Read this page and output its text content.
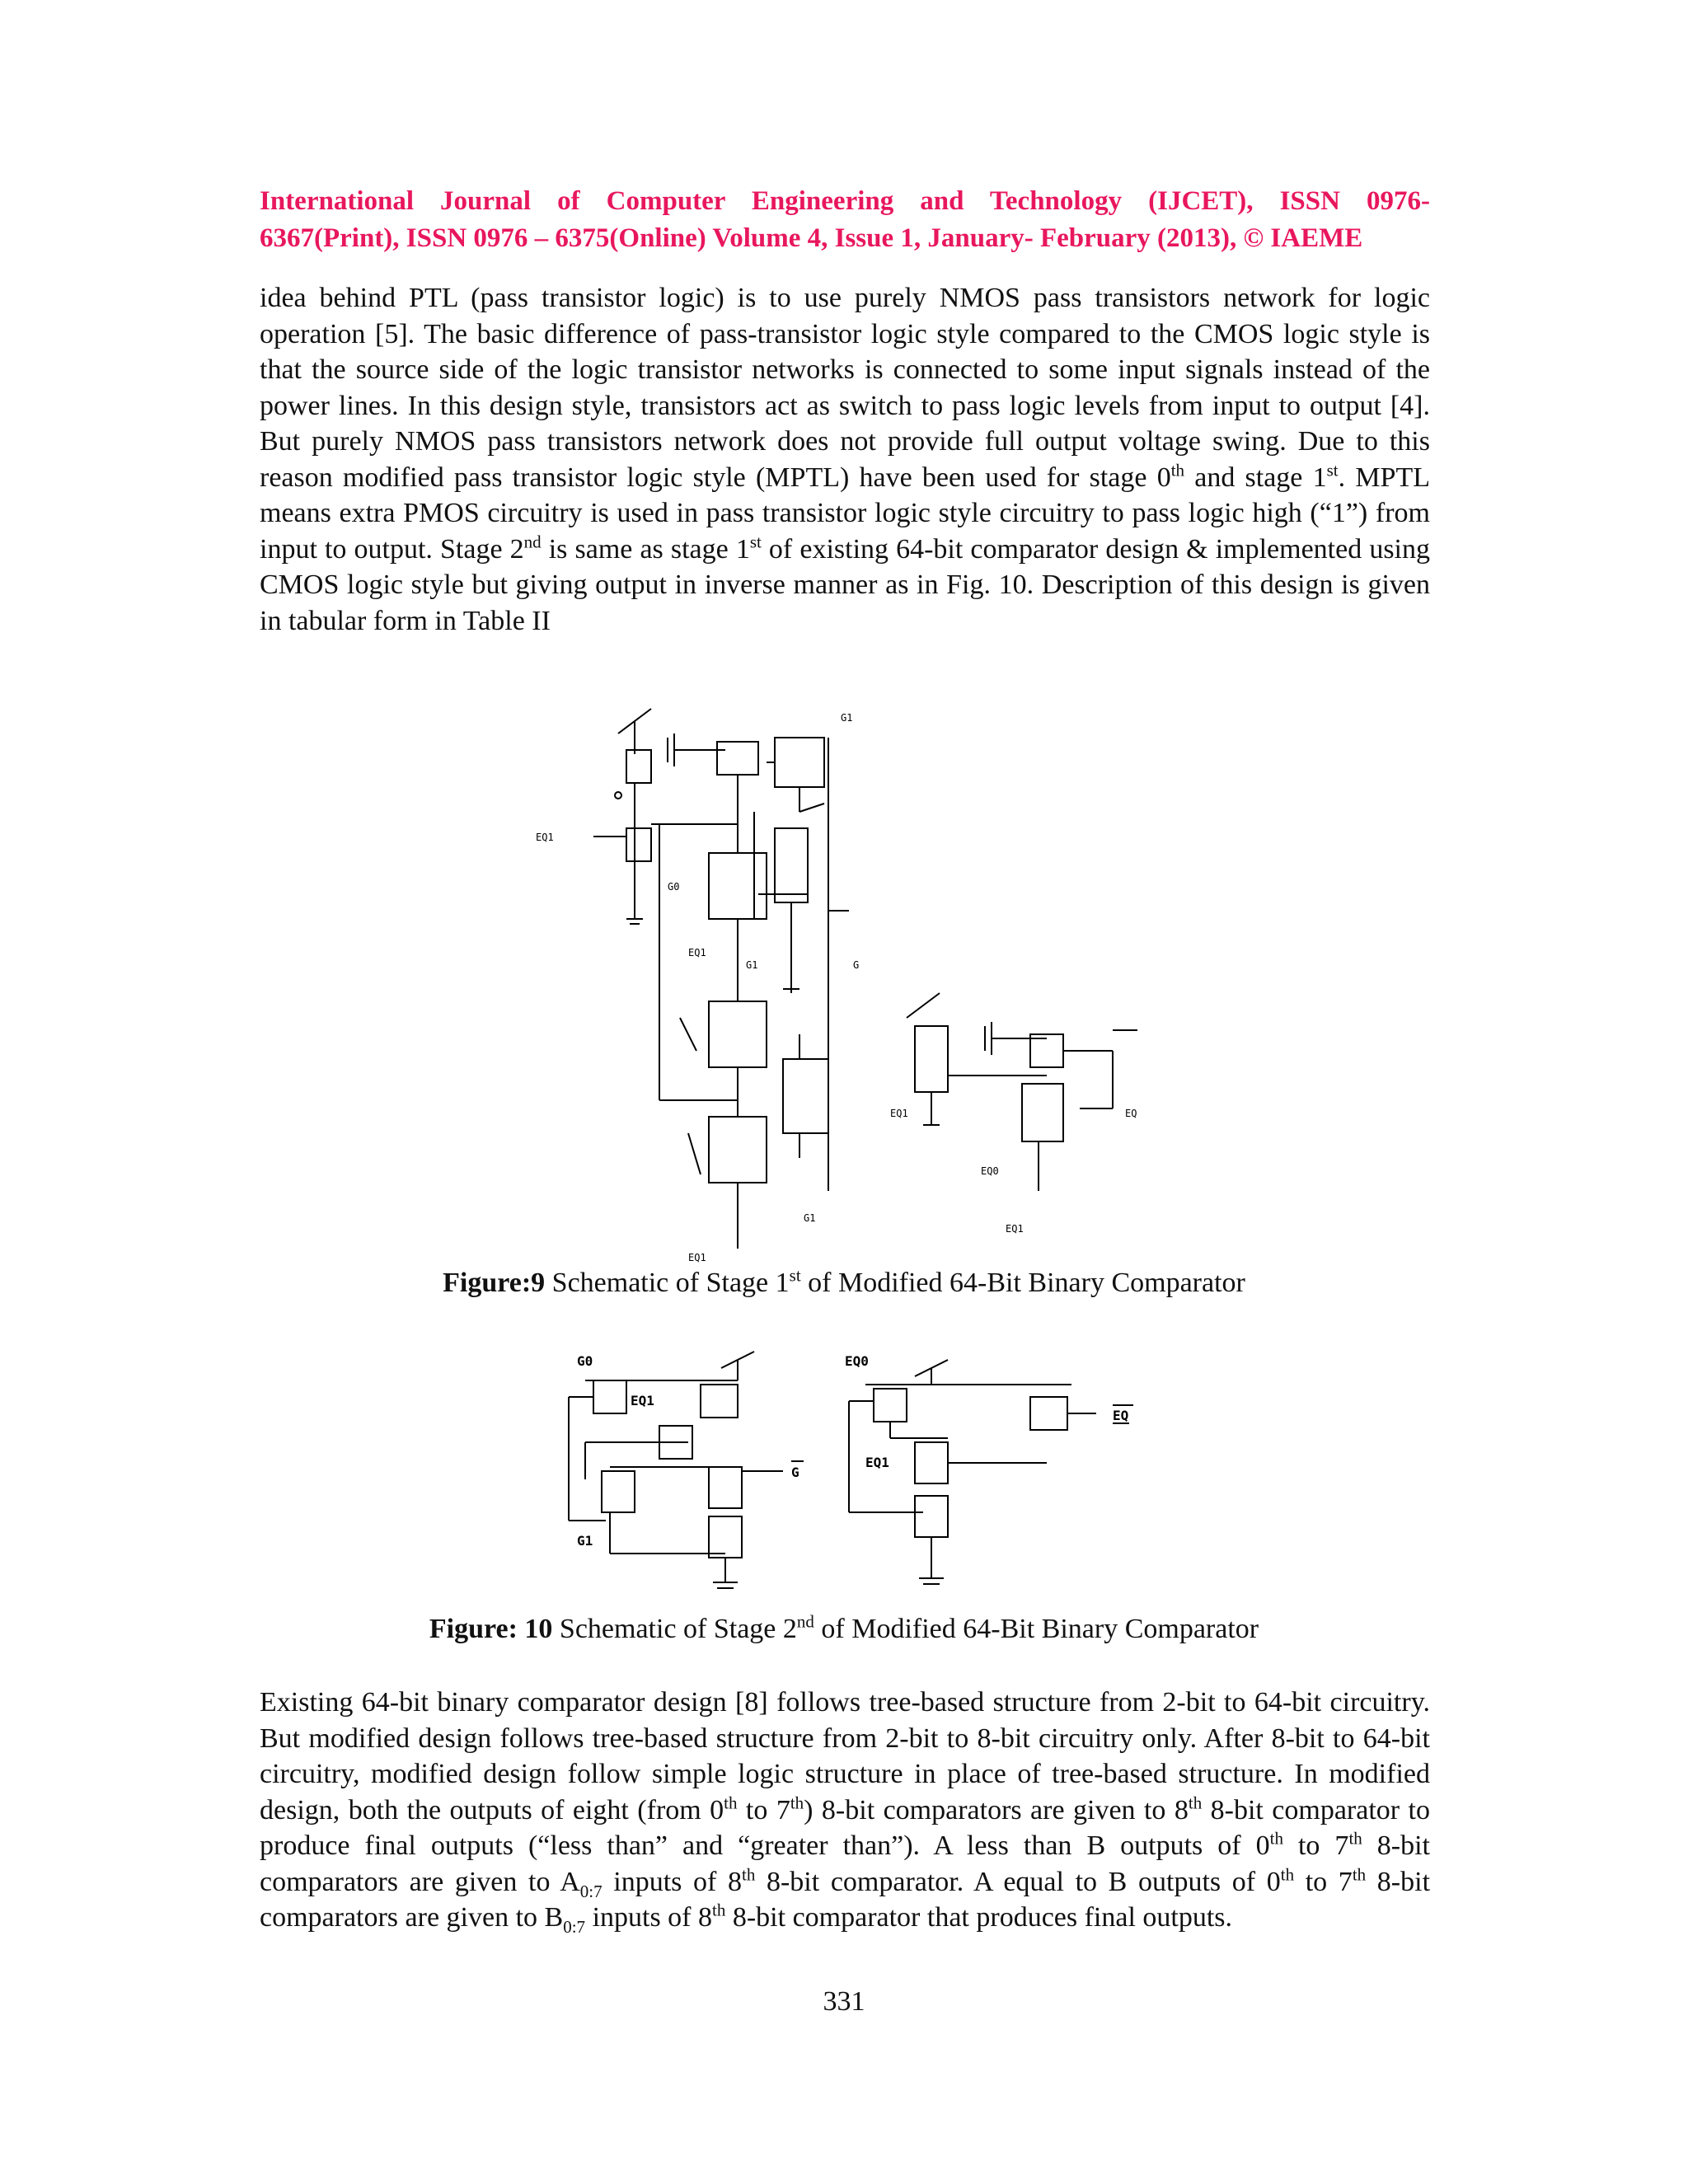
International Journal of Computer Engineering and Technology (IJCET), ISSN 0976-
6367(Print), ISSN 0976 – 6375(Online) Volume 4, Issue 1, January- February (2013), © IAEME
idea behind PTL (pass transistor logic) is to use purely NMOS pass transistors network for logic operation [5]. The basic difference of pass-transistor logic style compared to the CMOS logic style is that the source side of the logic transistor networks is connected to some input signals instead of the power lines. In this design style, transistors act as switch to pass logic levels from input to output [4]. But purely NMOS pass transistors network does not provide full output voltage swing. Due to this reason modified pass transistor logic style (MPTL) have been used for stage 0th and stage 1st. MPTL means extra PMOS circuitry is used in pass transistor logic style circuitry to pass logic high (“1”) from input to output. Stage 2nd is same as stage 1st of existing 64-bit comparator design & implemented using CMOS logic style but giving output in inverse manner as in Fig. 10. Description of this design is given in tabular form in Table II
G1
EQ1
G0
EQ1
G1	G
G1
EQ1
EQ1
EQ0
EQ
EQ1
Figure:9 Schematic of Stage 1st of Modified 64-Bit Binary Comparator
G0
EQ1
G
G1
EQ0
EQ1
EQ
Figure: 10 Schematic of Stage 2nd of Modified 64-Bit Binary Comparator
Existing 64-bit binary comparator design [8] follows tree-based structure from 2-bit to 64-bit circuitry. But modified design follows tree-based structure from 2-bit to 8-bit circuitry only. After 8-bit to 64-bit circuitry, modified design follow simple logic structure in place of tree-based structure. In modified design, both the outputs of eight (from 0th to 7th) 8-bit comparators are given to 8th 8-bit comparator to produce final outputs (“less than” and “greater than”). A less than B outputs of 0th to 7th 8-bit comparators are given to $A_{0:7}$ inputs of 8th 8-bit comparator. A equal to B outputs of 0th to 7th 8-bit comparators are given to $B_{0:7}$ inputs of 8th 8-bit comparator that produces final outputs.
331
